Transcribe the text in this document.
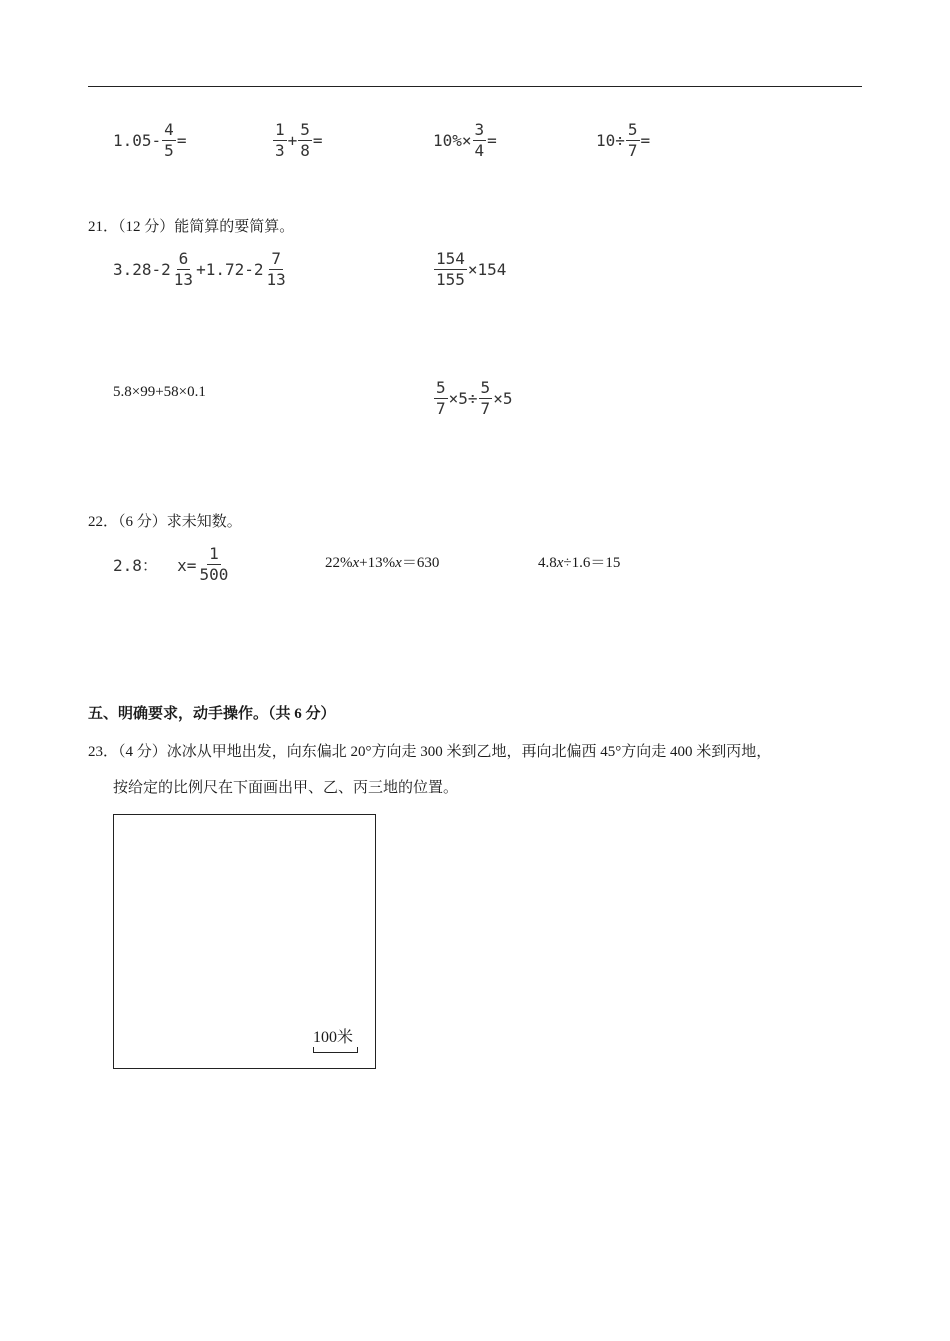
$1.05- \frac{4}{5}$ =	$\frac{1}{3} + \frac{5}{8}$ =	$10\%\times \frac{3}{4}$ =	$10\div \frac{5}{7}$ =
21．（12 分）能简算的要简算。
$3.28-2 \frac{6}{13} +1.72-2 \frac{7}{13}$	$\frac{154}{155} \times 154$
5.8×99+58×0.1	$\frac{5}{7} \times 5\div \frac{5}{7} \times 5$
22．（6 分）求未知数。
2.8：  $x= \frac{1}{500}$	22%x+13%x＝630	4.8x÷1.6＝15
五、明确要求，动手操作。（共 6 分）
23．（4 分）冰冰从甲地出发，向东偏北 20°方向走 300 米到乙地，再向北偏西 45°方向走 400 米到丙地，
按给定的比例尺在下面画出甲、乙、丙三地的位置。
100米
